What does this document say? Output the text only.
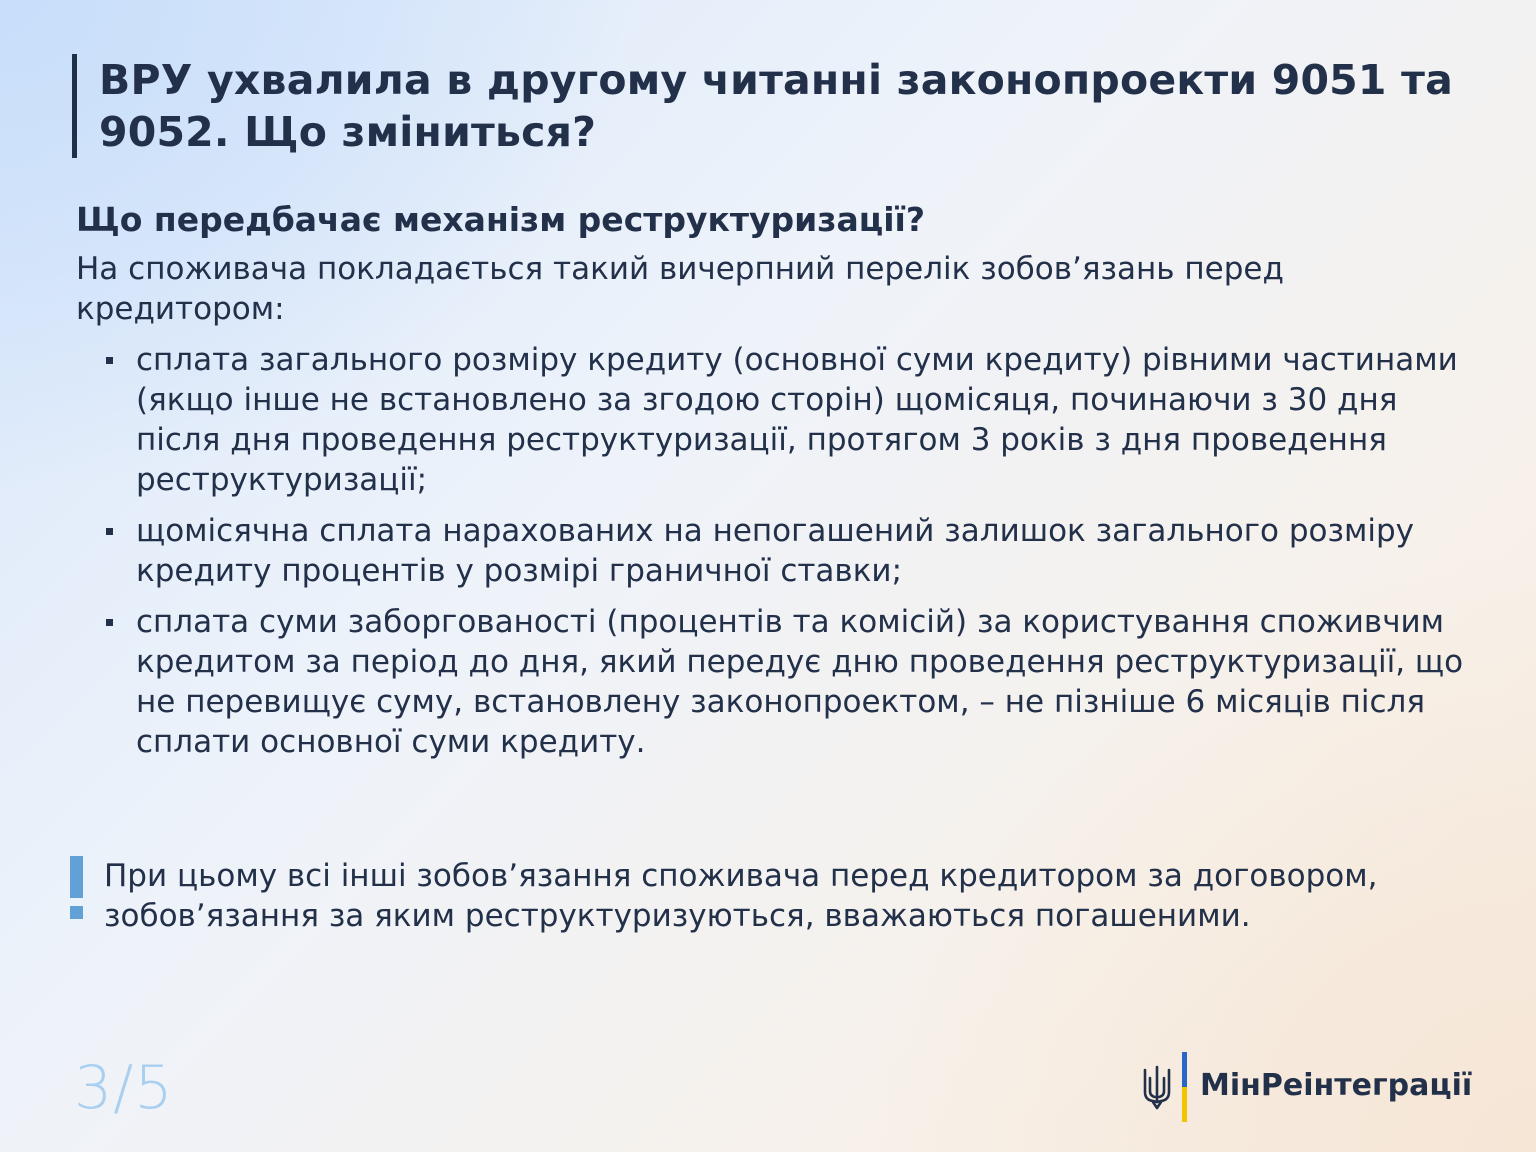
ВРУ ухвалила в другому читанні законопроекти 9051 та 9052. Що зміниться?
Що передбачає механізм реструктуризації?

На споживача покладається такий вичерпний перелік зобов’язань перед кредитором:

сплата загального розміру кредиту (основної суми кредиту) рівними частинами (якщо інше не встановлено за згодою сторін) щомісяця, починаючи з 30 дня після дня проведення реструктуризації, протягом 3 років з дня проведення реструктуризації;
щомісячна сплата нарахованих на непогашений залишок загального розміру кредиту процентів у розмірі граничної ставки;
сплата суми заборгованості (процентів та комісій) за користування споживчим кредитом за період до дня, який передує дню проведення реструктуризації, що не перевищує суму, встановлену законопроектом, – не пізніше 6 місяців після сплати основної суми кредиту.

При цьому всі інші зобов’язання споживача перед кредитором за договором, зобов’язання за яким реструктуризуються, вважаються погашеними.

3/5	МінРеінтеграції
